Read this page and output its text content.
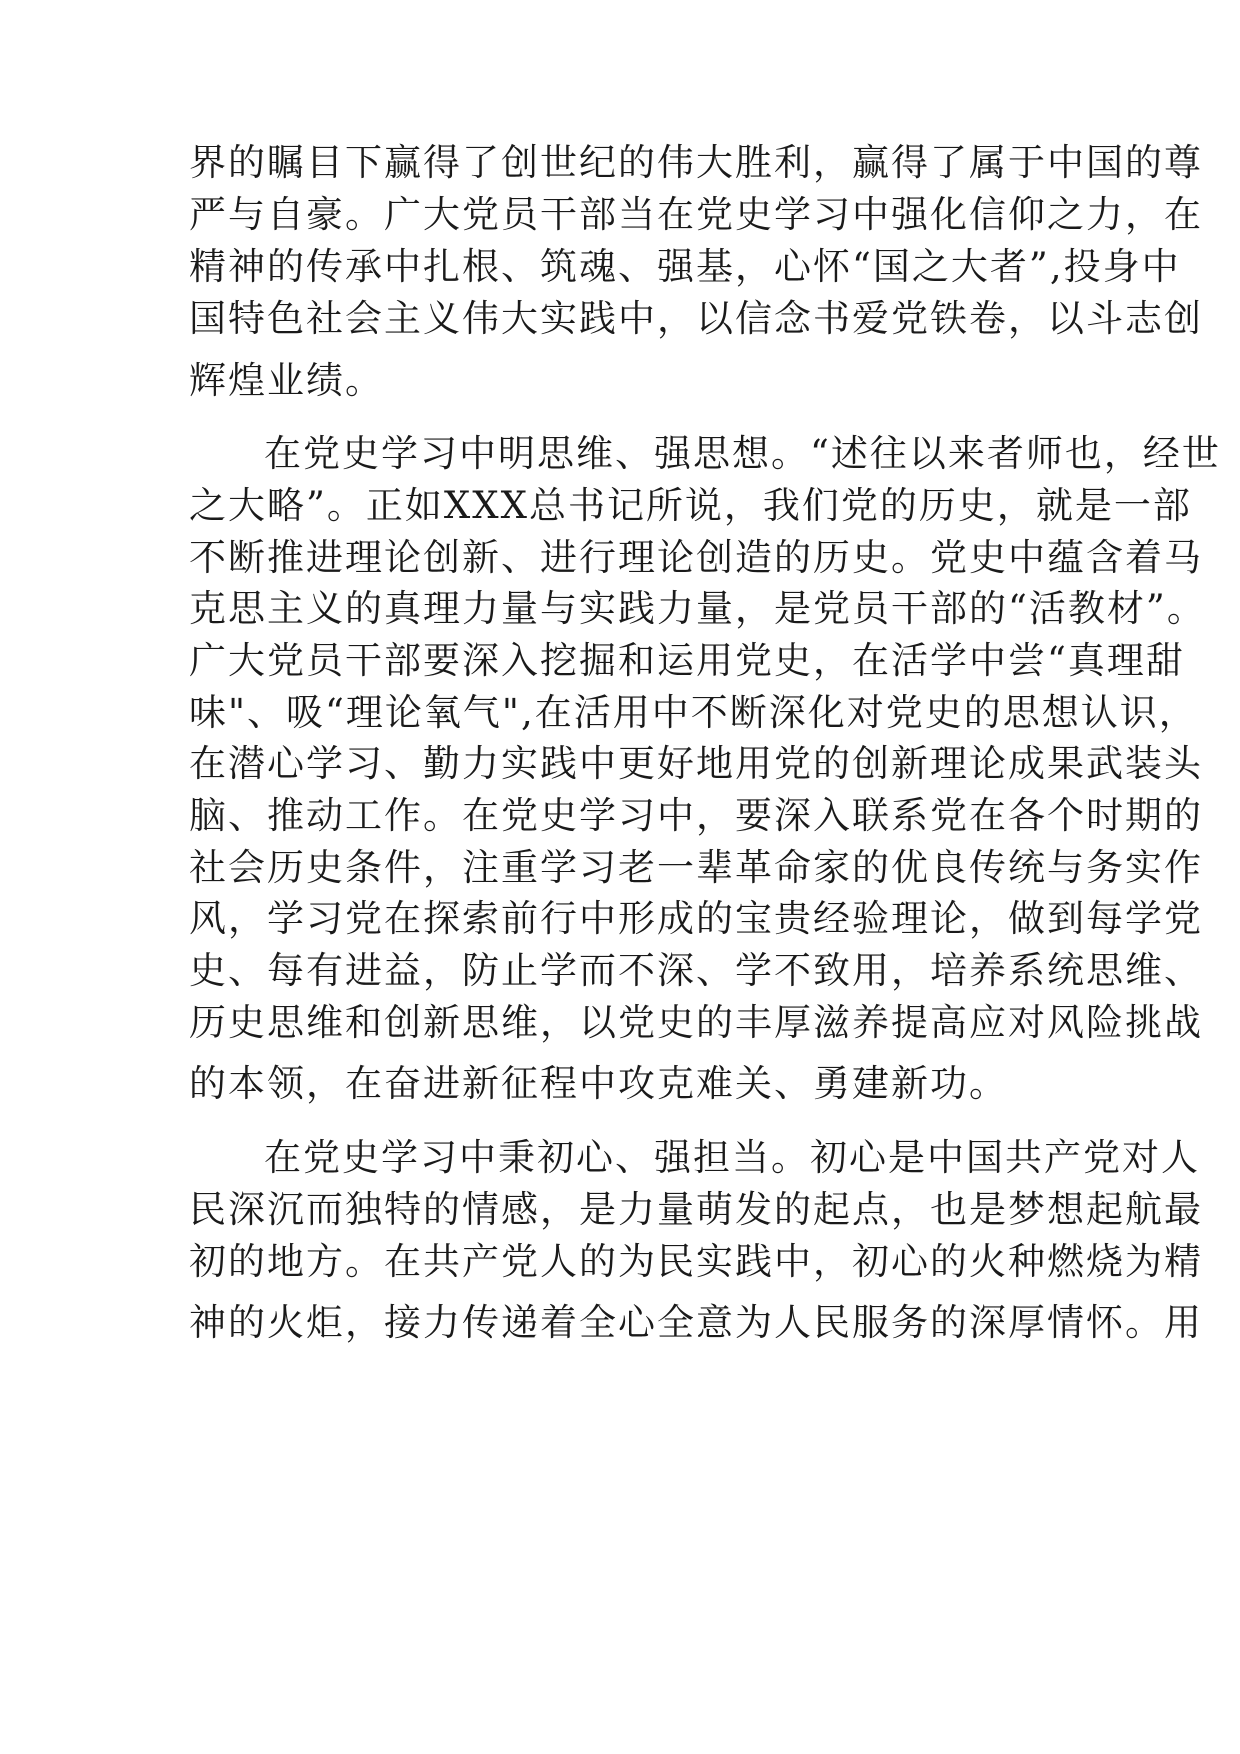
界的瞩目下赢得了创世纪的伟大胜利，赢得了属于中国的尊

严与自豪。广大党员干部当在党史学习中强化信仰之力，在

精神的传承中扎根、筑魂、强基，心怀“国之大者”,投身中

国特色社会主义伟大实践中，以信念书爱党铁卷，以斗志创

辉煌业绩。

在党史学习中明思维、强思想。“述往以来者师也，经世

之大略”。正如XXX总书记所说，我们党的历史，就是一部

不断推进理论创新、进行理论创造的历史。党史中蕴含着马

克思主义的真理力量与实践力量，是党员干部的“活教材”。

广大党员干部要深入挖掘和运用党史，在活学中尝“真理甜

味"、吸“理论氧气",在活用中不断深化对党史的思想认识，

在潜心学习、勤力实践中更好地用党的创新理论成果武装头

脑、推动工作。在党史学习中，要深入联系党在各个时期的

社会历史条件，注重学习老一辈革命家的优良传统与务实作

风，学习党在探索前行中形成的宝贵经验理论，做到每学党

史、每有进益，防止学而不深、学不致用，培养系统思维、

历史思维和创新思维，以党史的丰厚滋养提高应对风险挑战

的本领，在奋进新征程中攻克难关、勇建新功。

在党史学习中秉初心、强担当。初心是中国共产党对人

民深沉而独特的情感，是力量萌发的起点，也是梦想起航最

初的地方。在共产党人的为民实践中，初心的火种燃烧为精

神的火炬，接力传递着全心全意为人民服务的深厚情怀。用
